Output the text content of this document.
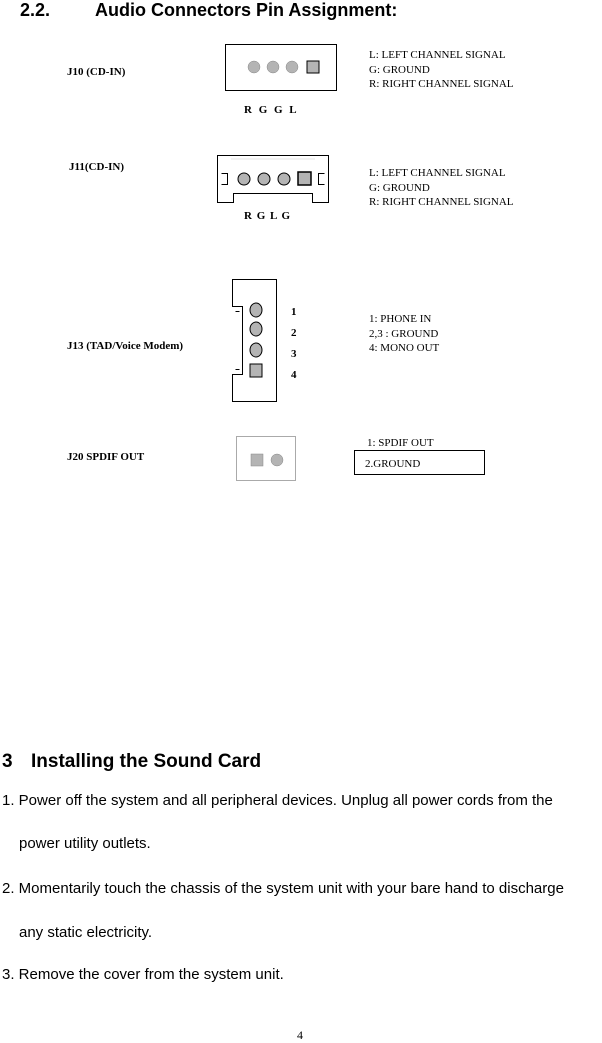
2.2. Audio Connectors Pin Assignment:
J10 (CD-IN)
R G G L
L: LEFT CHANNEL SIGNAL
G: GROUND
R: RIGHT CHANNEL SIGNAL
J11(CD-IN)
R G L G
L: LEFT CHANNEL SIGNAL
G: GROUND
R: RIGHT CHANNEL SIGNAL
J13 (TAD/Voice Modem)
1
2
3
4
1: PHONE IN
2,3 : GROUND
4: MONO OUT
J20 SPDIF OUT
1: SPDIF OUT
2.GROUND
3 Installing the Sound Card
1. Power off the system and all peripheral devices. Unplug all power cords from the
power utility outlets.
2. Momentarily touch the chassis of the system unit with your bare hand to discharge
any static electricity.
3. Remove the cover from the system unit.
4
